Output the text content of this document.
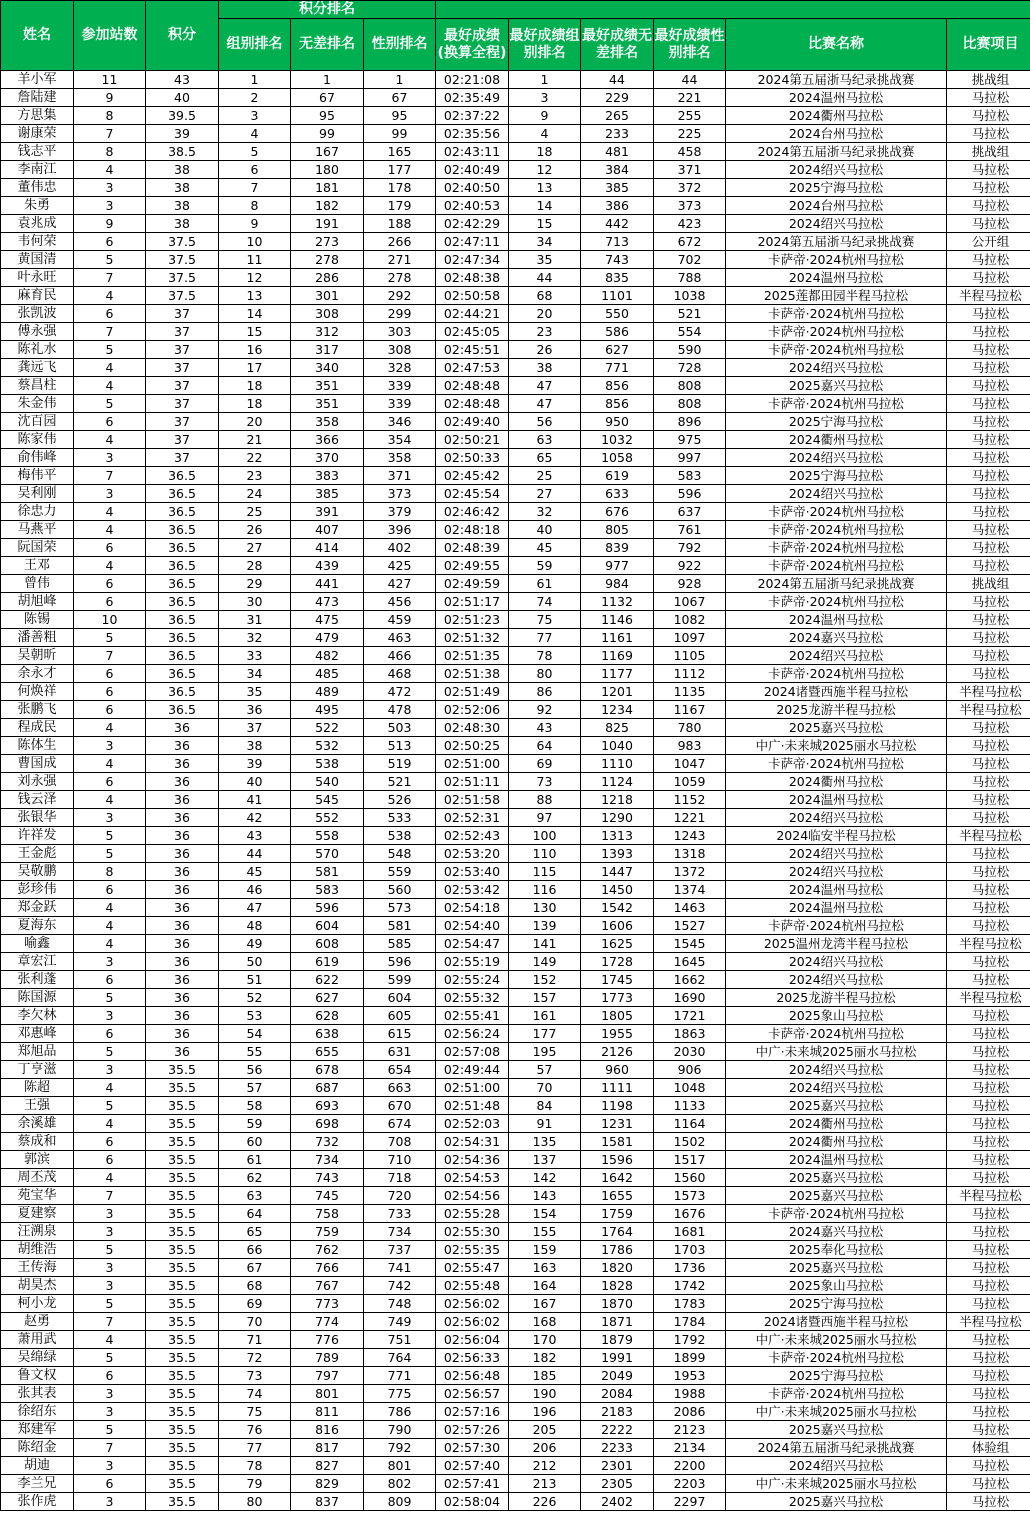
姓名	参加站数	积分	积分排名								
			组别排名	无差排名	性别排名	最好成绩(换算全程)	最好成绩组别排名	最好成绩无差排名	最好成绩性别排名	比赛名称	比赛项目
羊小军	11	43	1	1	1	02:21:08	1	44	44	2024第五届浙马纪录挑战赛	挑战组
詹陆建	9	40	2	67	67	02:35:49	3	229	221	2024温州马拉松	马拉松
方思集	8	39.5	3	95	95	02:37:22	9	265	255	2024衢州马拉松	马拉松
谢康荣	7	39	4	99	99	02:35:56	4	233	225	2024台州马拉松	马拉松
钱志平	8	38.5	5	167	165	02:43:11	18	481	458	2024第五届浙马纪录挑战赛	挑战组
李南江	4	38	6	180	177	02:40:49	12	384	371	2024绍兴马拉松	马拉松
董伟忠	3	38	7	181	178	02:40:50	13	385	372	2025宁海马拉松	马拉松
朱勇	3	38	8	182	179	02:40:53	14	386	373	2024台州马拉松	马拉松
袁兆成	9	38	9	191	188	02:42:29	15	442	423	2024绍兴马拉松	马拉松
韦何荣	6	37.5	10	273	266	02:47:11	34	713	672	2024第五届浙马纪录挑战赛	公开组
黄国清	5	37.5	11	278	271	02:47:34	35	743	702	卡萨帝·2024杭州马拉松	马拉松
叶永旺	7	37.5	12	286	278	02:48:38	44	835	788	2024温州马拉松	马拉松
麻育民	4	37.5	13	301	292	02:50:58	68	1101	1038	2025莲都田园半程马拉松	半程马拉松
张凯波	6	37	14	308	299	02:44:21	20	550	521	卡萨帝·2024杭州马拉松	马拉松
傅永强	7	37	15	312	303	02:45:05	23	586	554	卡萨帝·2024杭州马拉松	马拉松
陈礼水	5	37	16	317	308	02:45:51	26	627	590	卡萨帝·2024杭州马拉松	马拉松
龚远飞	4	37	17	340	328	02:47:53	38	771	728	2024绍兴马拉松	马拉松
蔡昌柱	4	37	18	351	339	02:48:48	47	856	808	2025嘉兴马拉松	马拉松
朱金伟	5	37	18	351	339	02:48:48	47	856	808	卡萨帝·2024杭州马拉松	马拉松
沈百园	6	37	20	358	346	02:49:40	56	950	896	2025宁海马拉松	马拉松
陈家伟	4	37	21	366	354	02:50:21	63	1032	975	2024衢州马拉松	马拉松
俞伟峰	3	37	22	370	358	02:50:33	65	1058	997	2024绍兴马拉松	马拉松
梅伟平	7	36.5	23	383	371	02:45:42	25	619	583	2025宁海马拉松	马拉松
吴利刚	3	36.5	24	385	373	02:45:54	27	633	596	2024绍兴马拉松	马拉松
徐忠力	4	36.5	25	391	379	02:46:42	32	676	637	卡萨帝·2024杭州马拉松	马拉松
马燕平	4	36.5	26	407	396	02:48:18	40	805	761	卡萨帝·2024杭州马拉松	马拉松
阮国荣	6	36.5	27	414	402	02:48:39	45	839	792	卡萨帝·2024杭州马拉松	马拉松
王邓	4	36.5	28	439	425	02:49:55	59	977	922	卡萨帝·2024杭州马拉松	马拉松
曾伟	6	36.5	29	441	427	02:49:59	61	984	928	2024第五届浙马纪录挑战赛	挑战组
胡旭峰	6	36.5	30	473	456	02:51:17	74	1132	1067	卡萨帝·2024杭州马拉松	马拉松
陈锡	10	36.5	31	475	459	02:51:23	75	1146	1082	2024温州马拉松	马拉松
潘善粗	5	36.5	32	479	463	02:51:32	77	1161	1097	2024嘉兴马拉松	马拉松
吴朝昕	7	36.5	33	482	466	02:51:35	78	1169	1105	2024绍兴马拉松	马拉松
余永才	6	36.5	34	485	468	02:51:38	80	1177	1112	卡萨帝·2024杭州马拉松	马拉松
何焕祥	6	36.5	35	489	472	02:51:49	86	1201	1135	2024诸暨西施半程马拉松	半程马拉松
张鹏飞	6	36.5	36	495	478	02:52:06	92	1234	1167	2025龙游半程马拉松	半程马拉松
程成民	4	36	37	522	503	02:48:30	43	825	780	2025嘉兴马拉松	马拉松
陈体生	3	36	38	532	513	02:50:25	64	1040	983	中广·未来城2025丽水马拉松	马拉松
曹国成	4	36	39	538	519	02:51:00	69	1110	1047	卡萨帝·2024杭州马拉松	马拉松
刘永强	6	36	40	540	521	02:51:11	73	1124	1059	2024衢州马拉松	马拉松
钱云泽	4	36	41	545	526	02:51:58	88	1218	1152	2024温州马拉松	马拉松
张银华	3	36	42	552	533	02:52:31	97	1290	1221	2024绍兴马拉松	马拉松
许祥发	5	36	43	558	538	02:52:43	100	1313	1243	2024临安半程马拉松	半程马拉松
王金彪	5	36	44	570	548	02:53:20	110	1393	1318	2024绍兴马拉松	马拉松
吴敬鹏	8	36	45	581	559	02:53:40	115	1447	1372	2024绍兴马拉松	马拉松
彭珍伟	6	36	46	583	560	02:53:42	116	1450	1374	2024温州马拉松	马拉松
郑金跃	4	36	47	596	573	02:54:18	130	1542	1463	2024温州马拉松	马拉松
夏海东	4	36	48	604	581	02:54:40	139	1606	1527	卡萨帝·2024杭州马拉松	马拉松
喻鑫	4	36	49	608	585	02:54:47	141	1625	1545	2025温州龙湾半程马拉松	半程马拉松
章宏江	3	36	50	619	596	02:55:19	149	1728	1645	2024绍兴马拉松	马拉松
张利蓬	6	36	51	622	599	02:55:24	152	1745	1662	2024绍兴马拉松	马拉松
陈国源	5	36	52	627	604	02:55:32	157	1773	1690	2025龙游半程马拉松	半程马拉松
李欠林	3	36	53	628	605	02:55:41	161	1805	1721	2025象山马拉松	马拉松
邓惠峰	6	36	54	638	615	02:56:24	177	1955	1863	卡萨帝·2024杭州马拉松	马拉松
郑旭品	5	36	55	655	631	02:57:08	195	2126	2030	中广·未来城2025丽水马拉松	马拉松
丁亨滋	3	35.5	56	678	654	02:49:44	57	960	906	2024绍兴马拉松	马拉松
陈超	4	35.5	57	687	663	02:51:00	70	1111	1048	2024绍兴马拉松	马拉松
王强	5	35.5	58	693	670	02:51:48	84	1198	1133	2025嘉兴马拉松	马拉松
余溪雄	4	35.5	59	698	674	02:52:03	91	1231	1164	2024衢州马拉松	马拉松
蔡成和	6	35.5	60	732	708	02:54:31	135	1581	1502	2024衢州马拉松	马拉松
郭滨	6	35.5	61	734	710	02:54:36	137	1596	1517	2024温州马拉松	马拉松
周丕茂	4	35.5	62	743	718	02:54:53	142	1642	1560	2025嘉兴马拉松	马拉松
苑宝华	7	35.5	63	745	720	02:54:56	143	1655	1573	2025嘉兴马拉松	半程马拉松
夏建察	3	35.5	64	758	733	02:55:28	154	1759	1676	卡萨帝·2024杭州马拉松	马拉松
汪溯泉	3	35.5	65	759	734	02:55:30	155	1764	1681	2024嘉兴马拉松	马拉松
胡维浩	5	35.5	66	762	737	02:55:35	159	1786	1703	2025奉化马拉松	马拉松
王传海	3	35.5	67	766	741	02:55:47	163	1820	1736	2025嘉兴马拉松	马拉松
胡昊杰	3	35.5	68	767	742	02:55:48	164	1828	1742	2025象山马拉松	马拉松
柯小龙	5	35.5	69	773	748	02:56:02	167	1870	1783	2025宁海马拉松	马拉松
赵勇	7	35.5	70	774	749	02:56:02	168	1871	1784	2024诸暨西施半程马拉松	半程马拉松
萧用武	4	35.5	71	776	751	02:56:04	170	1879	1792	中广·未来城2025丽水马拉松	马拉松
吴绵绿	5	35.5	72	789	764	02:56:33	182	1991	1899	卡萨帝·2024杭州马拉松	马拉松
鲁文权	6	35.5	73	797	771	02:56:48	185	2049	1953	2025宁海马拉松	马拉松
张其表	3	35.5	74	801	775	02:56:57	190	2084	1988	卡萨帝·2024杭州马拉松	马拉松
徐绍东	3	35.5	75	811	786	02:57:16	196	2183	2086	中广·未来城2025丽水马拉松	马拉松
郑建军	5	35.5	76	816	790	02:57:26	205	2222	2123	2025嘉兴马拉松	马拉松
陈绍金	7	35.5	77	817	792	02:57:30	206	2233	2134	2024第五届浙马纪录挑战赛	体验组
胡迪	3	35.5	78	827	801	02:57:40	212	2301	2200	2024绍兴马拉松	马拉松
李兰兄	6	35.5	79	829	802	02:57:41	213	2305	2203	中广·未来城2025丽水马拉松	马拉松
张作虎	3	35.5	80	837	809	02:58:04	226	2402	2297	2025嘉兴马拉松	马拉松
